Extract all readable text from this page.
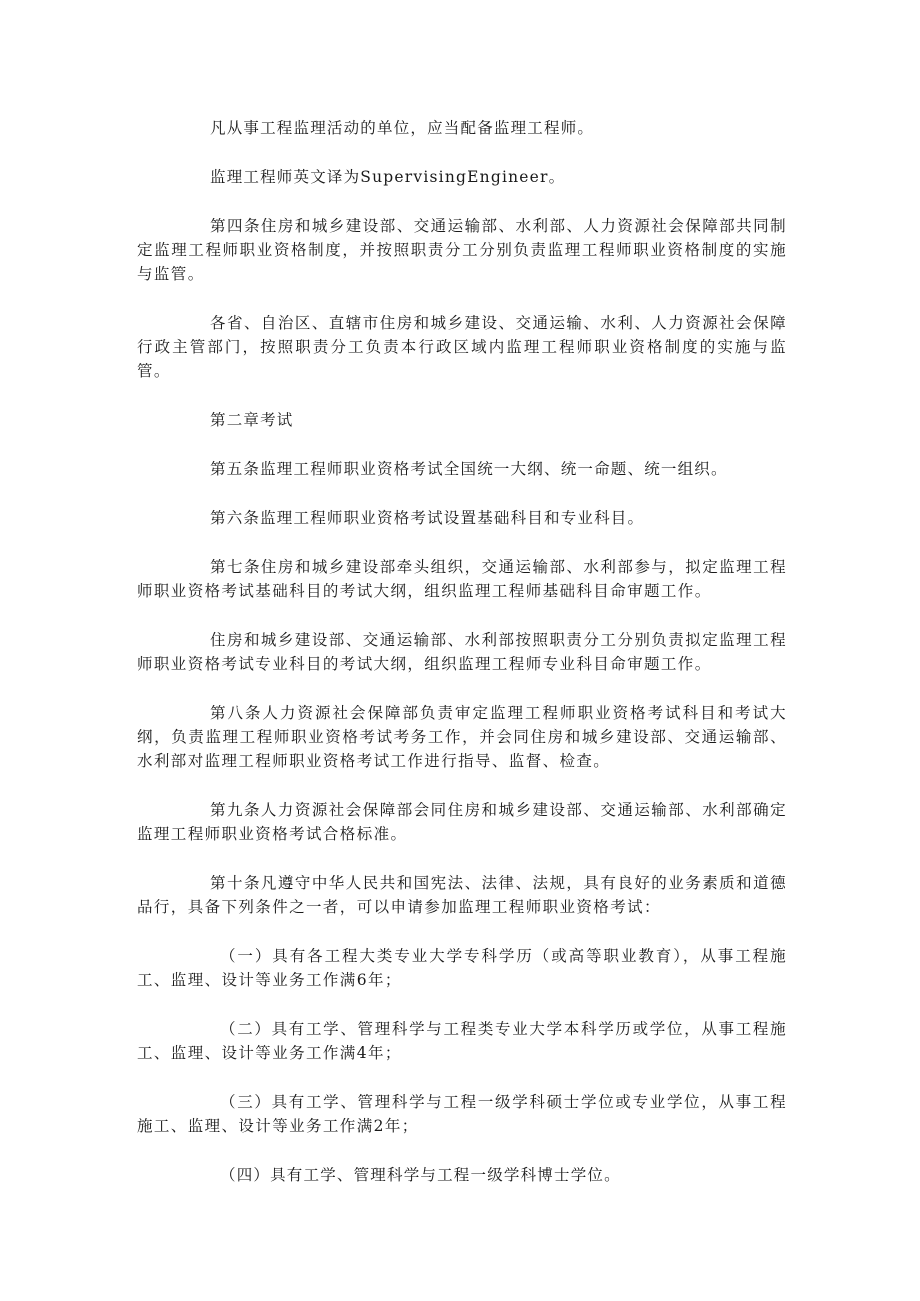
凡从事工程监理活动的单位，应当配备监理工程师。

监理工程师英文译为SupervisingEngineer。

第四条住房和城乡建设部、交通运输部、水利部、人力资源社会保障部共同制定监理工程师职业资格制度，并按照职责分工分别负责监理工程师职业资格制度的实施与监管。

各省、自治区、直辖市住房和城乡建设、交通运输、水利、人力资源社会保障行政主管部门，按照职责分工负责本行政区域内监理工程师职业资格制度的实施与监管。

第二章考试

第五条监理工程师职业资格考试全国统一大纲、统一命题、统一组织。

第六条监理工程师职业资格考试设置基础科目和专业科目。

第七条住房和城乡建设部牵头组织，交通运输部、水利部参与，拟定监理工程师职业资格考试基础科目的考试大纲，组织监理工程师基础科目命审题工作。

住房和城乡建设部、交通运输部、水利部按照职责分工分别负责拟定监理工程师职业资格考试专业科目的考试大纲，组织监理工程师专业科目命审题工作。

第八条人力资源社会保障部负责审定监理工程师职业资格考试科目和考试大纲，负责监理工程师职业资格考试考务工作，并会同住房和城乡建设部、交通运输部、水利部对监理工程师职业资格考试工作进行指导、监督、检查。

第九条人力资源社会保障部会同住房和城乡建设部、交通运输部、水利部确定监理工程师职业资格考试合格标准。

第十条凡遵守中华人民共和国宪法、法律、法规，具有良好的业务素质和道德品行，具备下列条件之一者，可以申请参加监理工程师职业资格考试：

（一）具有各工程大类专业大学专科学历（或高等职业教育），从事工程施工、监理、设计等业务工作满6年；

（二）具有工学、管理科学与工程类专业大学本科学历或学位，从事工程施工、监理、设计等业务工作满4年；

（三）具有工学、管理科学与工程一级学科硕士学位或专业学位，从事工程施工、监理、设计等业务工作满2年；

（四）具有工学、管理科学与工程一级学科博士学位。
